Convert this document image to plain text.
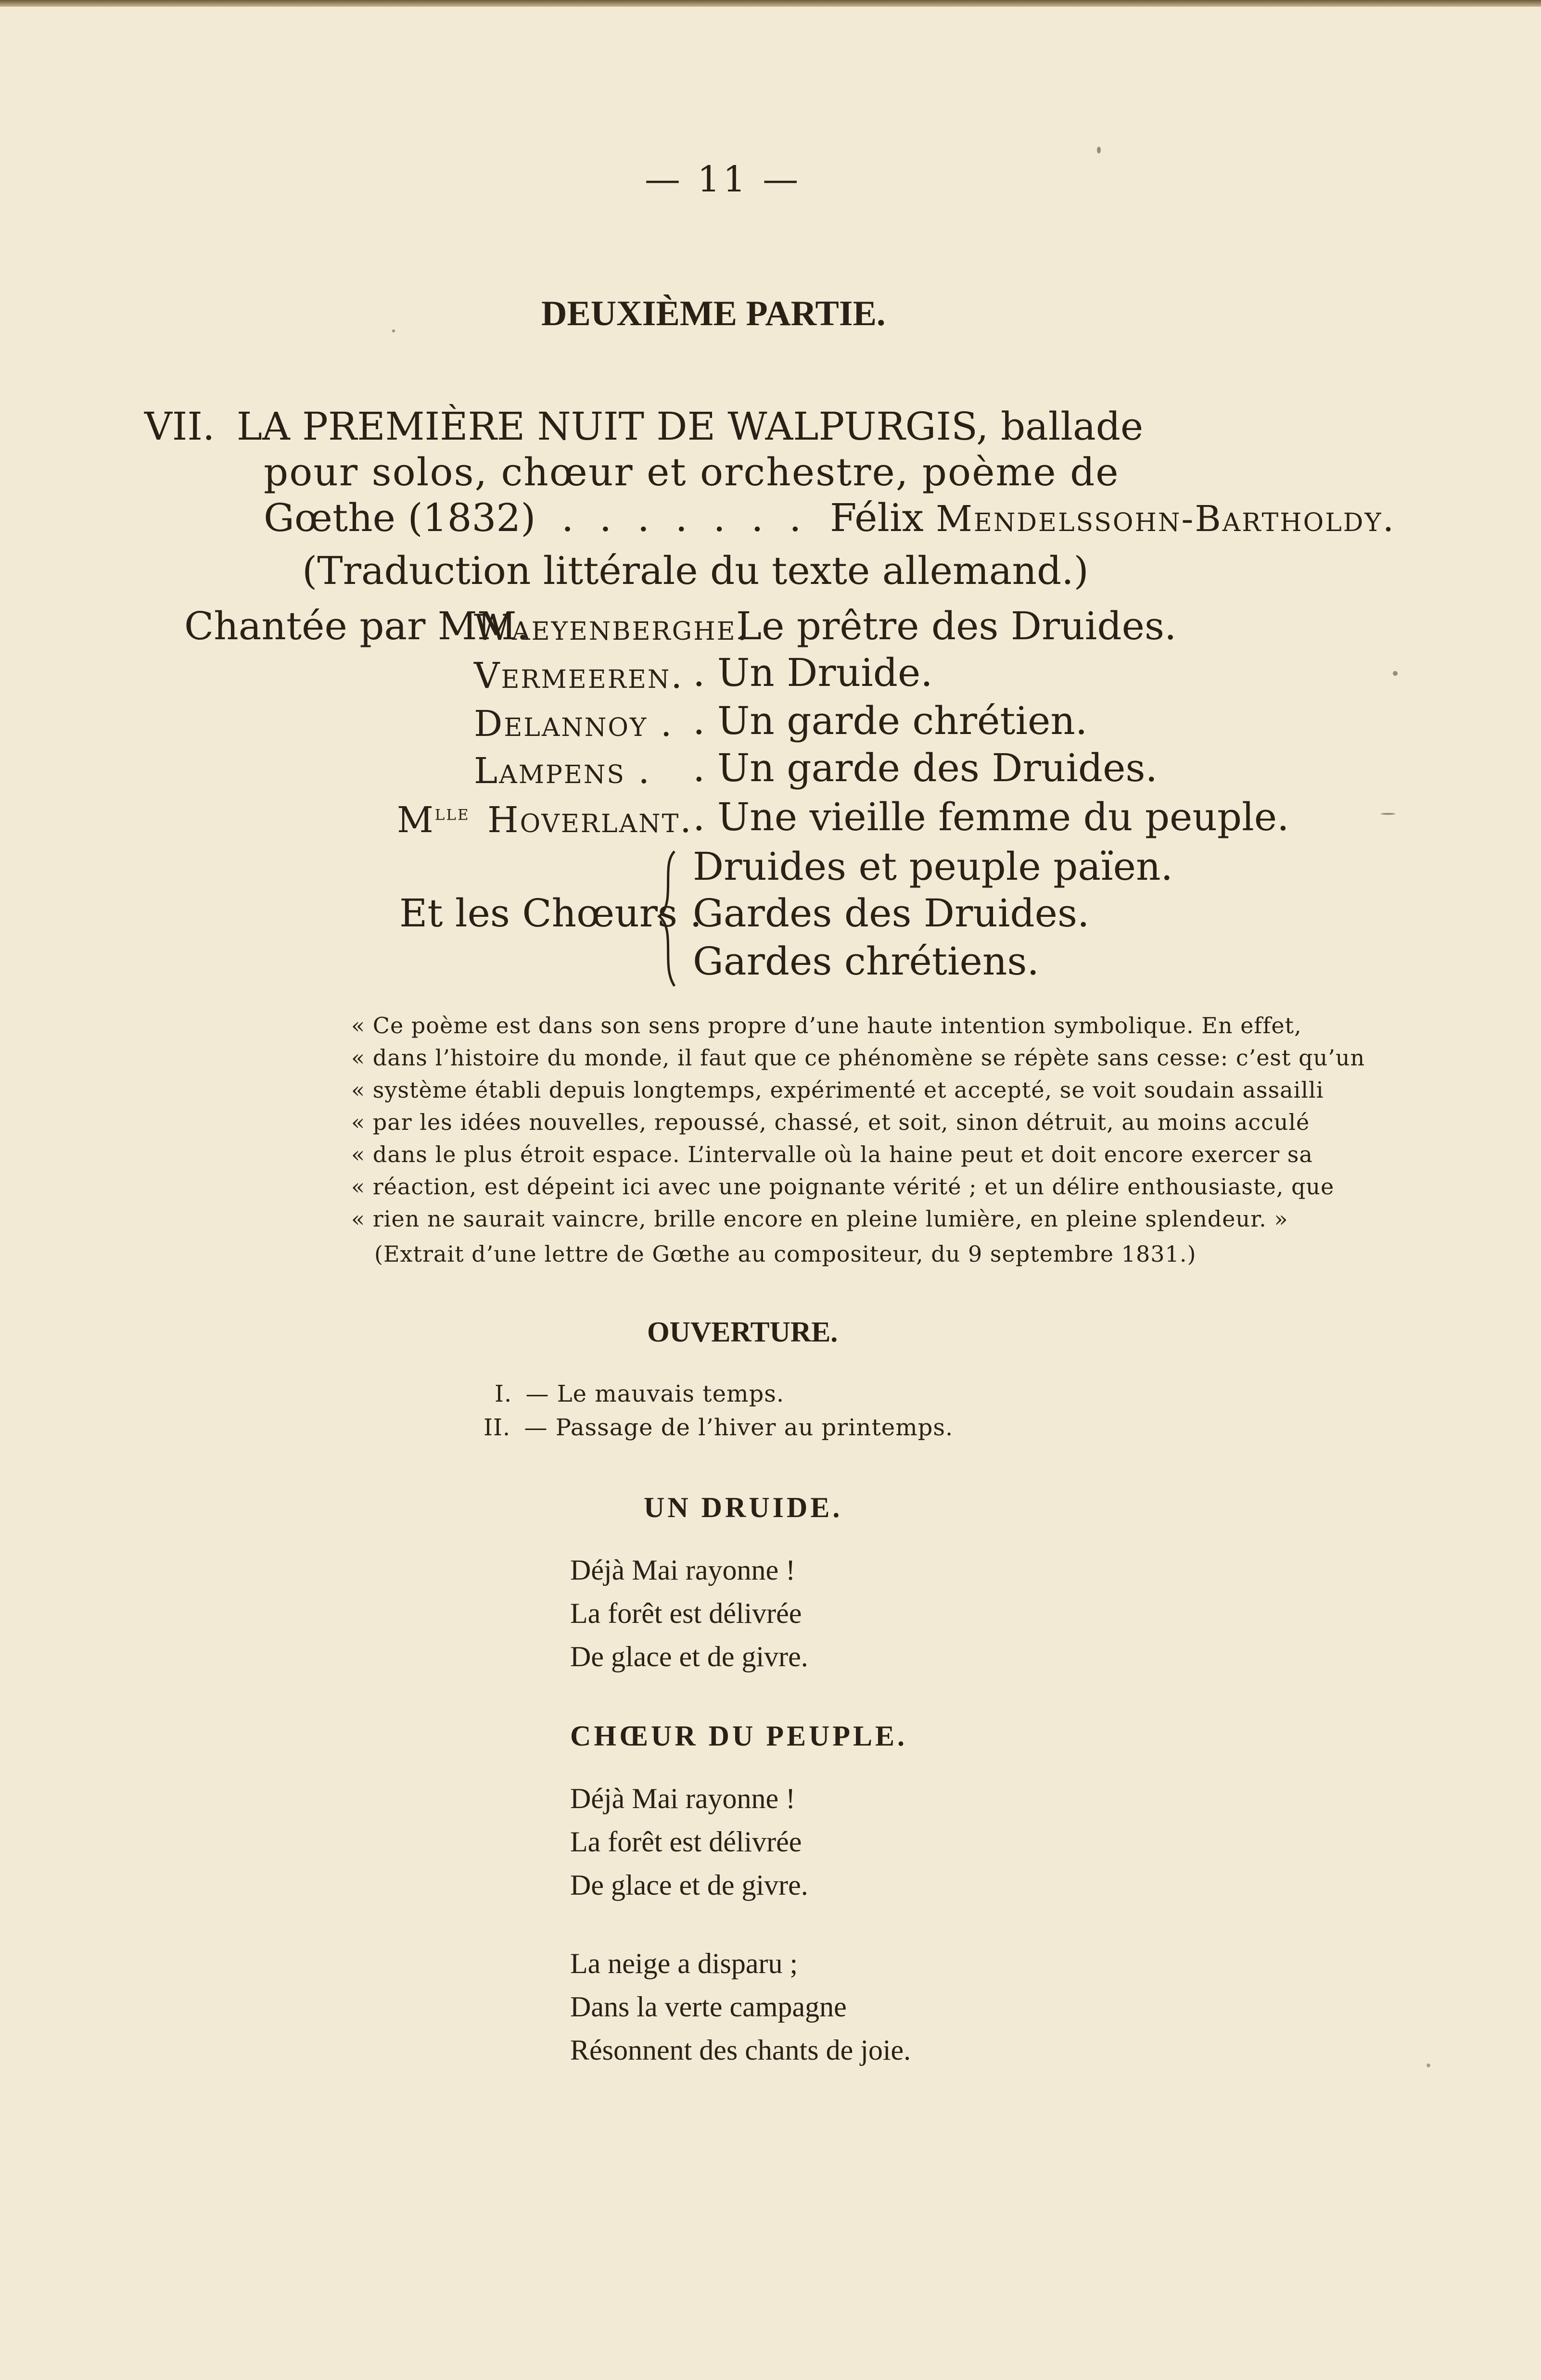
— 11 —
DEUXIÈME PARTIE.
VII. LA PREMIÈRE NUIT DE WALPURGIS, ballade
pour solos, chœur et orchestre, poème de
Gœthe (1832) . . . . . . . Félix Mendelssohn-Bartholdy.
(Traduction littérale du texte allemand.)
Chantée par MM.
Waeyenberghe.
Le prêtre des Druides.
Vermeeren. . Un Druide.
Delannoy . . Un garde chrétien.
Lampens . . Un garde des Druides.
$M^{lle}$ Hoverlant. . Une vieille femme du peuple.
Et les Chœurs .
Druides et peuple païen.
Gardes des Druides.
Gardes chrétiens.
« Ce poème est dans son sens propre d’une haute intention symbolique. En effet,
« dans l’histoire du monde, il faut que ce phénomène se répète sans cesse: c’est qu’un
« système établi depuis longtemps, expérimenté et accepté, se voit soudain assailli
« par les idées nouvelles, repoussé, chassé, et soit, sinon détruit, au moins acculé
« dans le plus étroit espace. L’intervalle où la haine peut et doit encore exercer sa
« réaction, est dépeint ici avec une poignante vérité ; et un délire enthousiaste, que
« rien ne saurait vaincre, brille encore en pleine lumière, en pleine splendeur. »
(Extrait d’une lettre de Gœthe au compositeur, du 9 septembre 1831.)
OUVERTURE.
I. — Le mauvais temps.
II. — Passage de l’hiver au printemps.
UN DRUIDE.
Déjà Mai rayonne !
La forêt est délivrée
De glace et de givre.
CHŒUR DU PEUPLE.
Déjà Mai rayonne !
La forêt est délivrée
De glace et de givre.
La neige a disparu ;
Dans la verte campagne
Résonnent des chants de joie.
